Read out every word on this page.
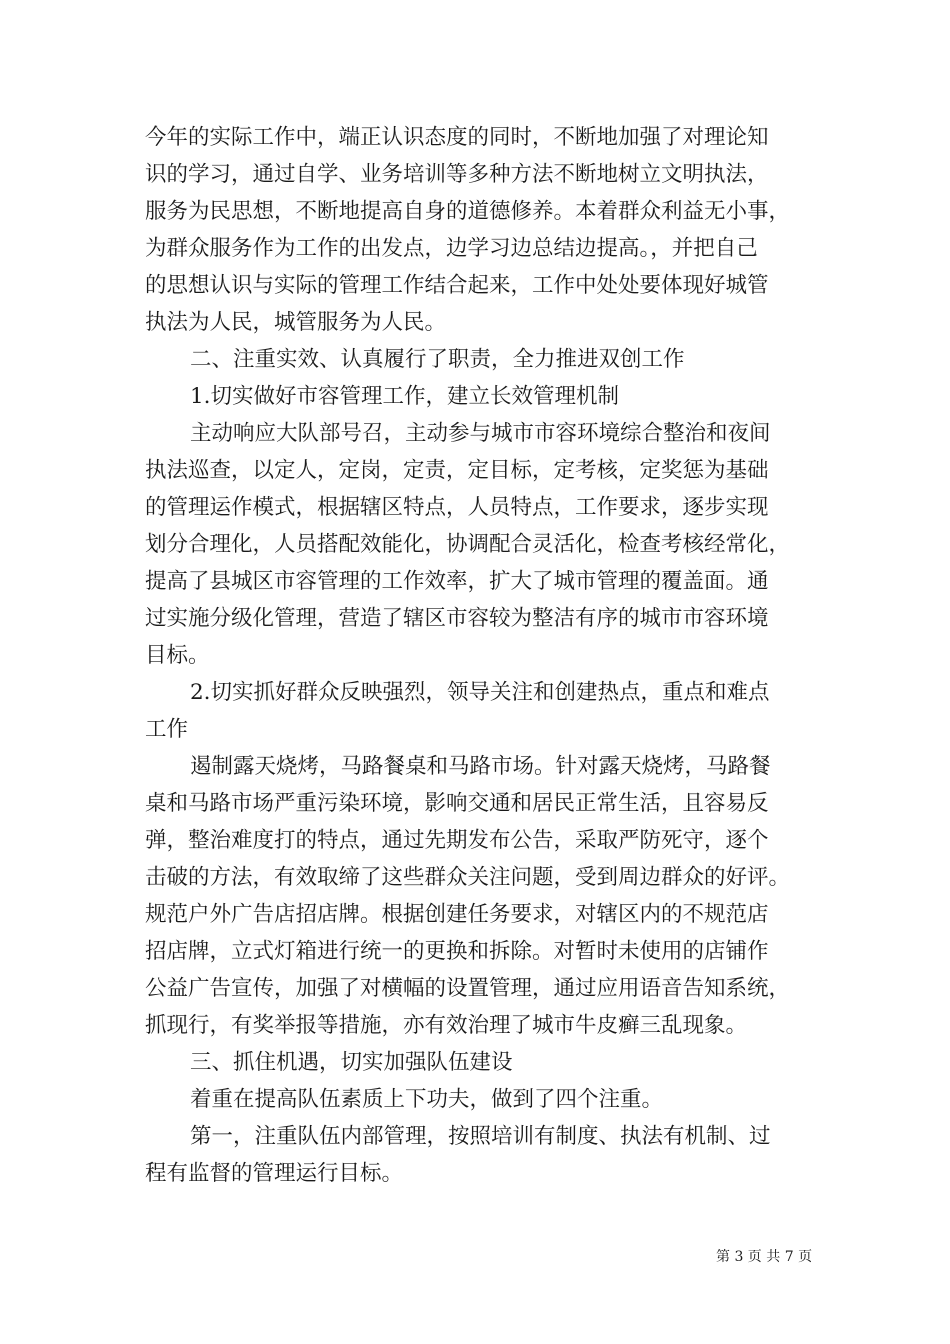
今年的实际工作中，端正认识态度的同时，不断地加强了对理论知
识的学习，通过自学、业务培训等多种方法不断地树立文明执法，
服务为民思想，不断地提高自身的道德修养。本着群众利益无小事，
为群众服务作为工作的出发点，边学习边总结边提高。，并把自己
的思想认识与实际的管理工作结合起来，工作中处处要体现好城管
执法为人民，城管服务为人民。
二、注重实效、认真履行了职责，全力推进双创工作
1.切实做好市容管理工作，建立长效管理机制
主动响应大队部号召，主动参与城市市容环境综合整治和夜间
执法巡查，以定人，定岗，定责，定目标，定考核，定奖惩为基础
的管理运作模式，根据辖区特点，人员特点，工作要求，逐步实现
划分合理化，人员搭配效能化，协调配合灵活化，检查考核经常化，
提高了县城区市容管理的工作效率，扩大了城市管理的覆盖面。通
过实施分级化管理，营造了辖区市容较为整洁有序的城市市容环境
目标。
2.切实抓好群众反映强烈，领导关注和创建热点，重点和难点
工作
遏制露天烧烤，马路餐桌和马路市场。针对露天烧烤，马路餐
桌和马路市场严重污染环境，影响交通和居民正常生活，且容易反
弹，整治难度打的特点，通过先期发布公告，采取严防死守，逐个
击破的方法，有效取缔了这些群众关注问题，受到周边群众的好评。
规范户外广告店招店牌。根据创建任务要求，对辖区内的不规范店
招店牌，立式灯箱进行统一的更换和拆除。对暂时未使用的店铺作
公益广告宣传，加强了对横幅的设置管理，通过应用语音告知系统，
抓现行，有奖举报等措施，亦有效治理了城市牛皮癣三乱现象。
三、抓住机遇，切实加强队伍建设
着重在提高队伍素质上下功夫，做到了四个注重。
第一，注重队伍内部管理，按照培训有制度、执法有机制、过
程有监督的管理运行目标。
第 3 页 共 7 页
